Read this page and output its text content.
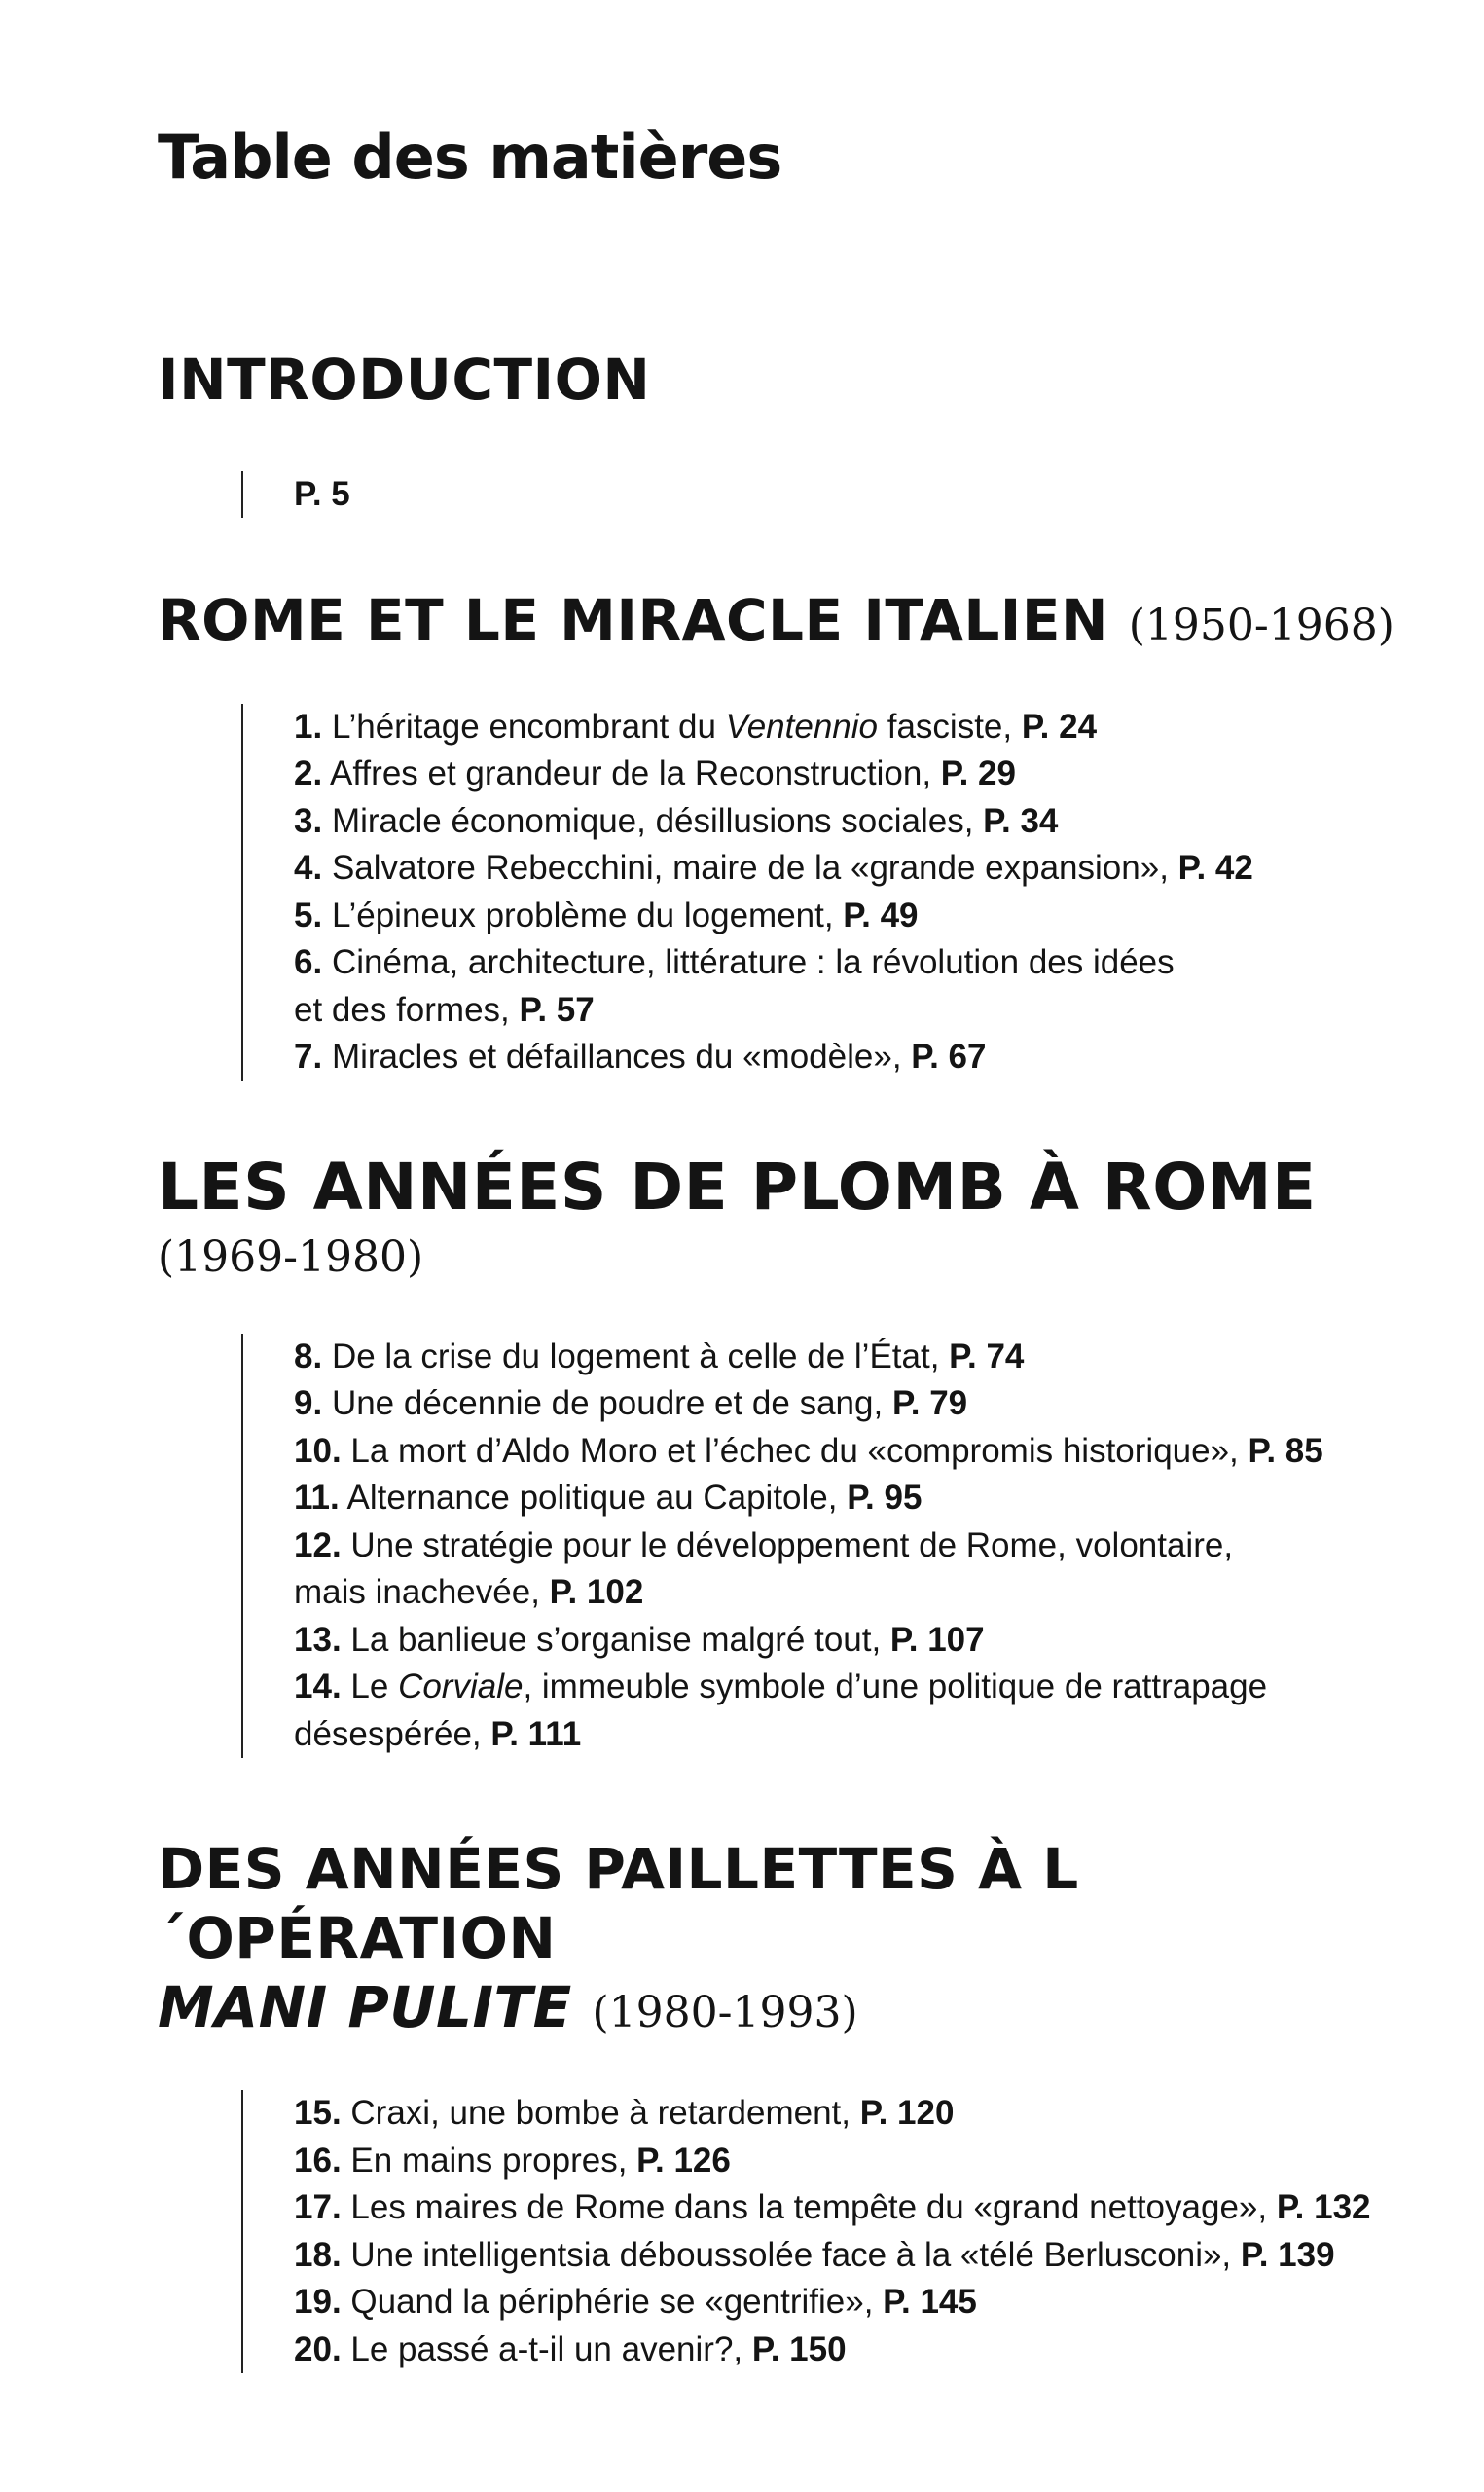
Table des matières
INTRODUCTION
P. 5
ROME ET LE MIRACLE ITALIEN (1950-1968)
1. L’héritage encombrant du Ventennio fasciste, P. 24
2. Affres et grandeur de la Reconstruction, P. 29
3. Miracle économique, désillusions sociales, P. 34
4. Salvatore Rebecchini, maire de la «grande expansion», P. 42
5. L’épineux problème du logement, P. 49
6. Cinéma, architecture, littérature : la révolution des idées
et des formes, P. 57
7. Miracles et défaillances du «modèle», P. 67
LES ANNÉES DE PLOMB À ROME
(1969-1980)
8. De la crise du logement à celle de l’État, P. 74
9. Une décennie de poudre et de sang, P. 79
10. La mort d’Aldo Moro et l’échec du «compromis historique», P. 85
11. Alternance politique au Capitole, P. 95
12. Une stratégie pour le développement de Rome, volontaire,
mais inachevée, P. 102
13. La banlieue s’organise malgré tout, P. 107
14. Le Corviale, immeuble symbole d’une politique de rattrapage
désespérée, P. 111
DES ANNÉES PAILLETTES À L´OPÉRATION
MANI PULITE (1980-1993)
15. Craxi, une bombe à retardement, P. 120
16. En mains propres, P. 126
17. Les maires de Rome dans la tempête du «grand nettoyage», P. 132
18. Une intelligentsia déboussolée face à la «télé Berlusconi», P. 139
19. Quand la périphérie se «gentrifie», P. 145
20. Le passé a-t-il un avenir?, P. 150
